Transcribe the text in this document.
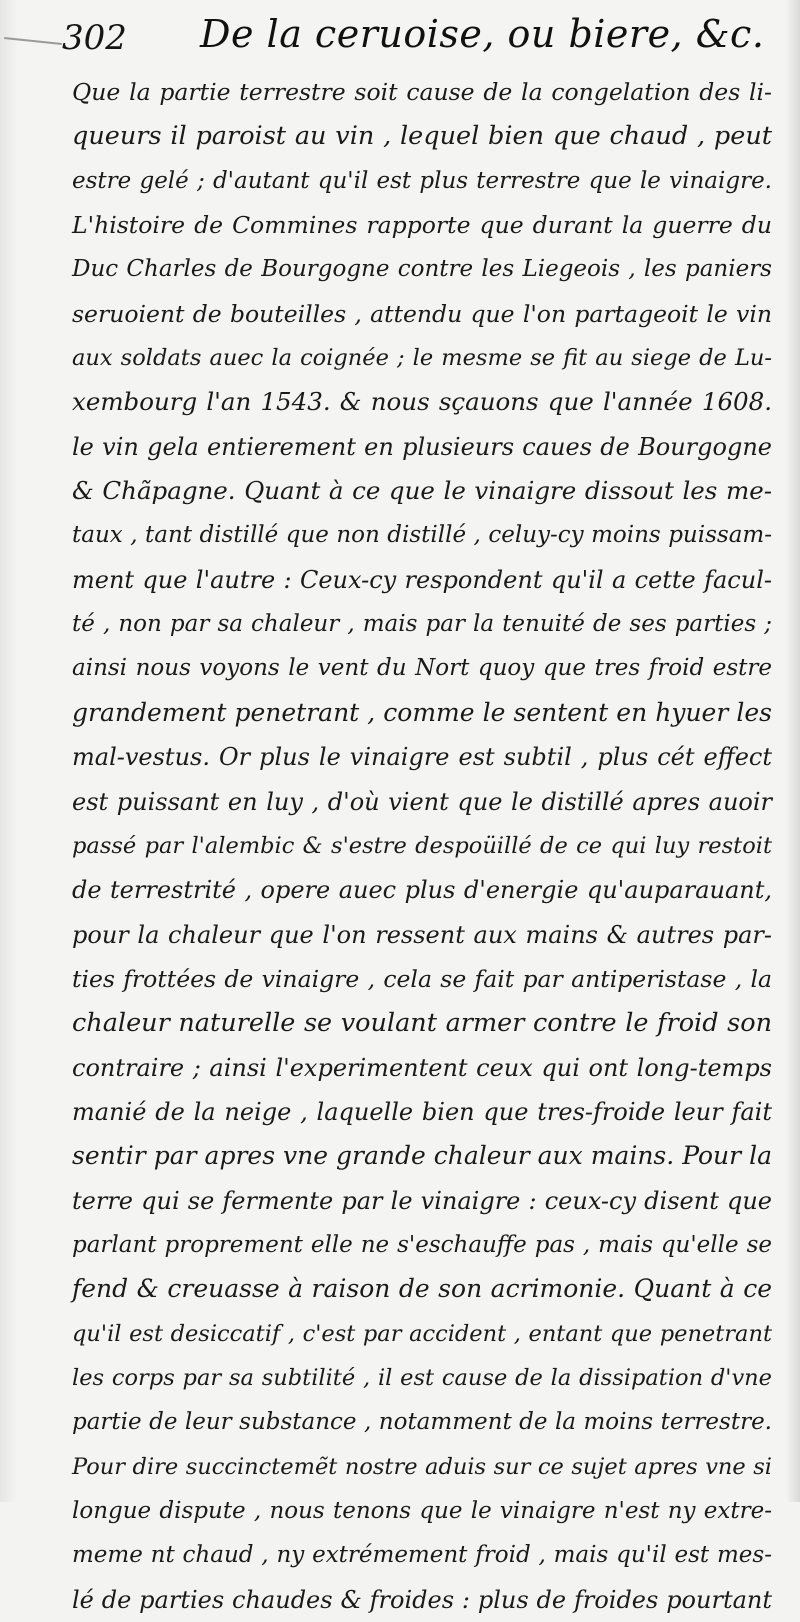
302 De la ceruoise, ou biere, &c.
Que la partie terrestre soit cause de la congelation des li-
queurs il paroist au vin , lequel bien que chaud , peut
estre gelé ; d'autant qu'il est plus terrestre que le vinaigre.
L'histoire de Commines rapporte que durant la guerre du
Duc Charles de Bourgogne contre les Liegeois , les paniers
seruoient de bouteilles , attendu que l'on partageoit le vin
aux soldats auec la coignée ; le mesme se fit au siege de Lu-
xembourg l'an 1543. & nous sçauons que l'année 1608.
le vin gela entierement en plusieurs caues de Bourgogne
& Chãpagne. Quant à ce que le vinaigre dissout les me-
taux , tant distillé que non distillé , celuy-cy moins puissam-
ment que l'autre : Ceux-cy respondent qu'il a cette facul-
té , non par sa chaleur , mais par la tenuité de ses parties ;
ainsi nous voyons le vent du Nort quoy que tres froid estre
grandement penetrant , comme le sentent en hyuer les
mal-vestus. Or plus le vinaigre est subtil , plus cét effect
est puissant en luy , d'où vient que le distillé apres auoir
passé par l'alembic & s'estre despoüillé de ce qui luy restoit
de terrestrité , opere auec plus d'energie qu'auparauant,
pour la chaleur que l'on ressent aux mains & autres par-
ties frottées de vinaigre , cela se fait par antiperistase , la
chaleur naturelle se voulant armer contre le froid son
contraire ; ainsi l'experimentent ceux qui ont long-temps
manié de la neige , laquelle bien que tres-froide leur fait
sentir par apres vne grande chaleur aux mains. Pour la
terre qui se fermente par le vinaigre : ceux-cy disent que
parlant proprement elle ne s'eschauffe pas , mais qu'elle se
fend & creuasse à raison de son acrimonie. Quant à ce
qu'il est desiccatif , c'est par accident , entant que penetrant
les corps par sa subtilité , il est cause de la dissipation d'vne
partie de leur substance , notamment de la moins terrestre.
Pour dire succinctemẽt nostre aduis sur ce sujet apres vne si
longue dispute , nous tenons que le vinaigre n'est ny extre-
meme nt chaud , ny extrémement froid , mais qu'il est mes-
lé de parties chaudes & froides : plus de froides pourtant
